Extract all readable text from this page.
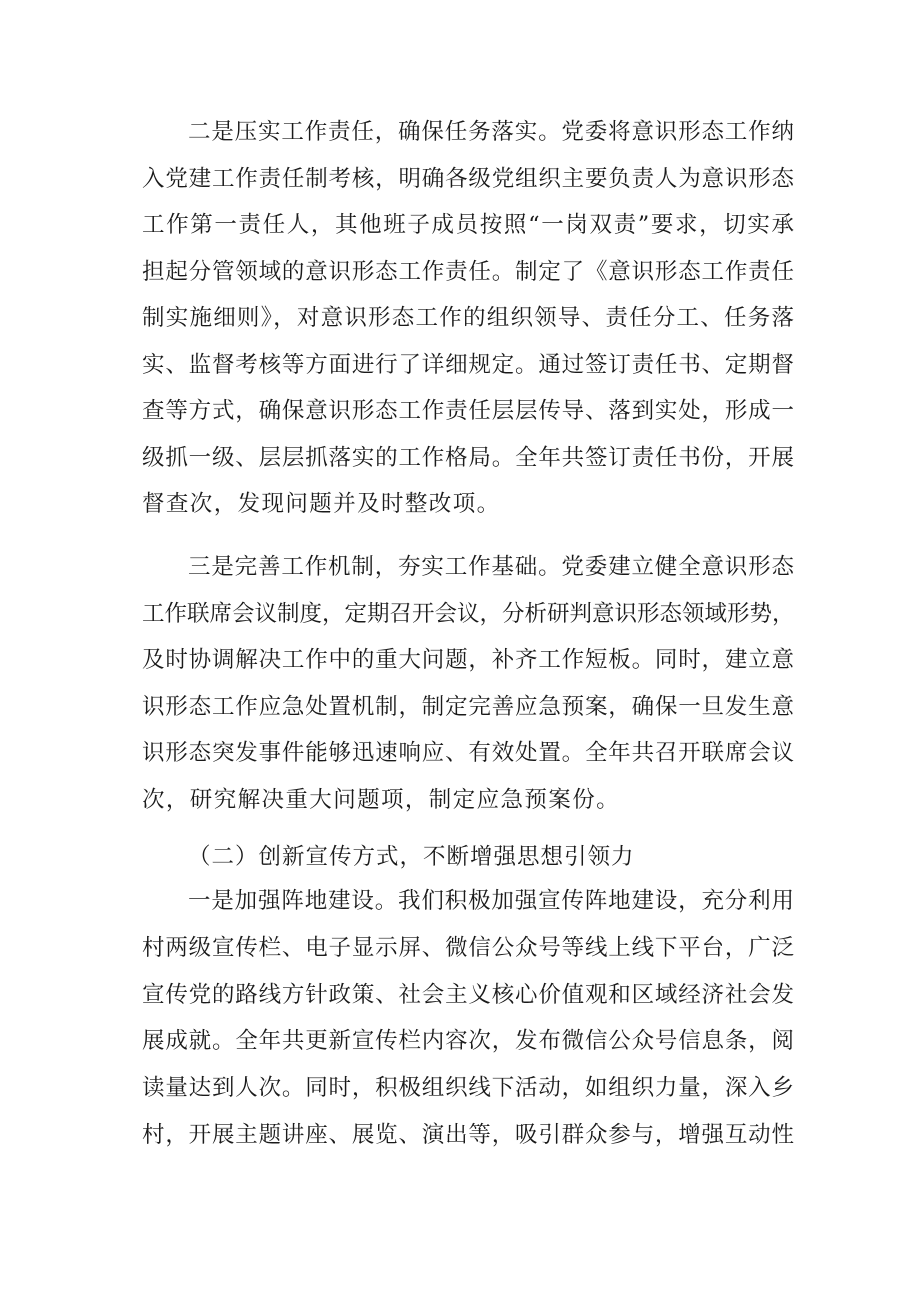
二是压实工作责任，确保任务落实。党委将意识形态工作纳
入党建工作责任制考核，明确各级党组织主要负责人为意识形态
工作第一责任人，其他班子成员按照“一岗双责”要求，切实承
担起分管领域的意识形态工作责任。制定了《意识形态工作责任
制实施细则》，对意识形态工作的组织领导、责任分工、任务落
实、监督考核等方面进行了详细规定。通过签订责任书、定期督
查等方式，确保意识形态工作责任层层传导、落到实处，形成一
级抓一级、层层抓落实的工作格局。全年共签订责任书份，开展
督查次，发现问题并及时整改项。
三是完善工作机制，夯实工作基础。党委建立健全意识形态
工作联席会议制度，定期召开会议，分析研判意识形态领域形势，
及时协调解决工作中的重大问题，补齐工作短板。同时，建立意
识形态工作应急处置机制，制定完善应急预案，确保一旦发生意
识形态突发事件能够迅速响应、有效处置。全年共召开联席会议
次，研究解决重大问题项，制定应急预案份。
（二）创新宣传方式，不断增强思想引领力
一是加强阵地建设。我们积极加强宣传阵地建设，充分利用
村两级宣传栏、电子显示屏、微信公众号等线上线下平台，广泛
宣传党的路线方针政策、社会主义核心价值观和区域经济社会发
展成就。全年共更新宣传栏内容次，发布微信公众号信息条，阅
读量达到人次。同时，积极组织线下活动，如组织力量，深入乡
村，开展主题讲座、展览、演出等，吸引群众参与，增强互动性
